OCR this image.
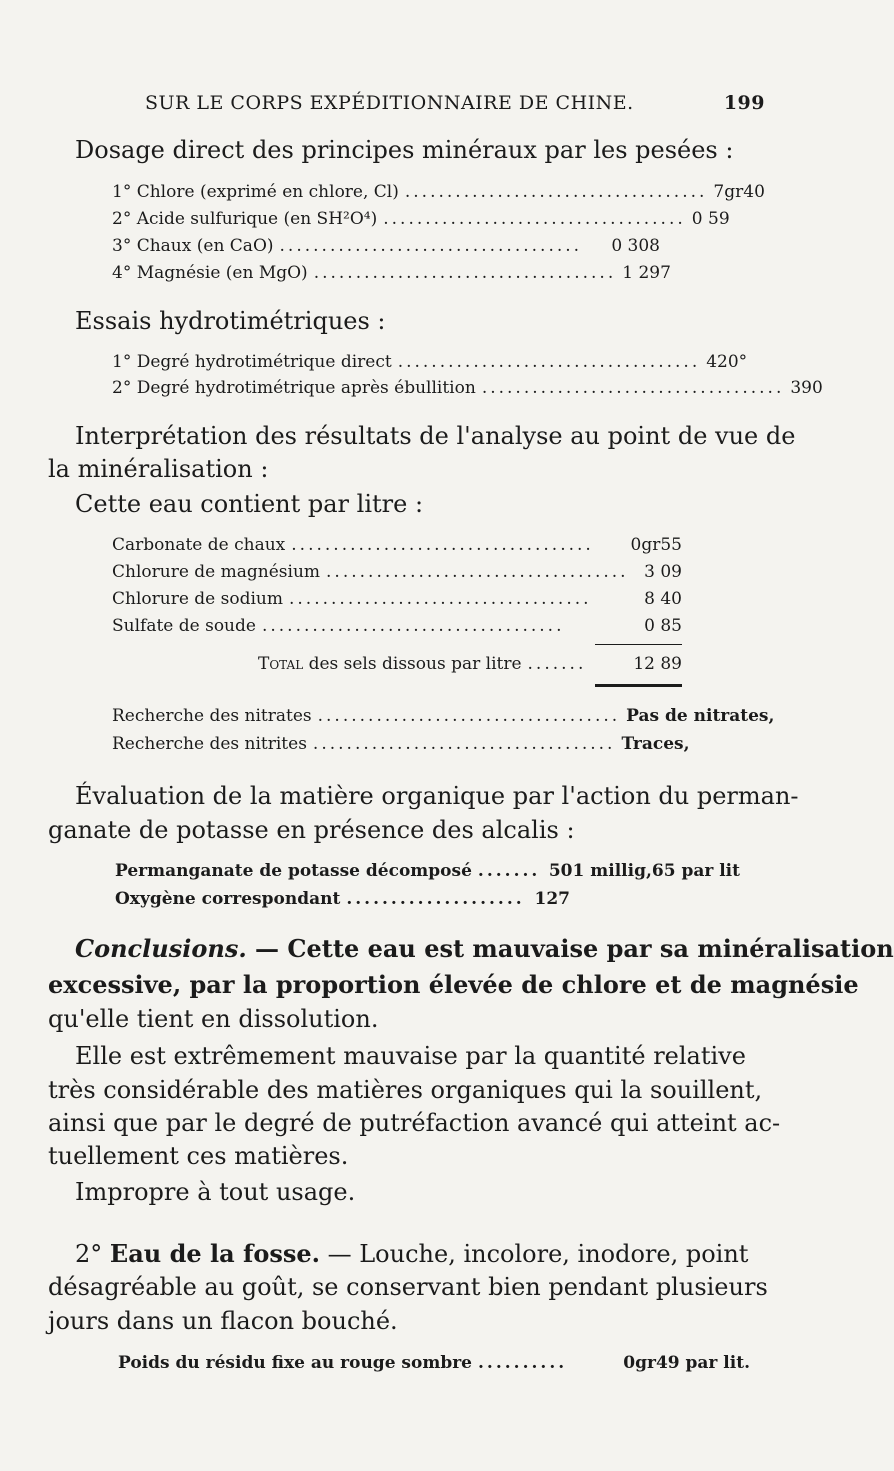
SUR LE CORPS EXPÉDITIONNAIRE DE CHINE.	199
Dosage direct des principes minéraux par les pesées :
1° Chlore (exprimé en chlore, Cl) .................................... 7gr40
2° Acide sulfurique (en SH²O⁴) .................................... 0 59
3° Chaux (en CaO) ....................................	0 308
4° Magnésie (en MgO) .................................... 1 297
Essais hydrotimétriques :
1° Degré hydrotimétrique direct .................................... 420°
2° Degré hydrotimétrique après ébullition .................................... 390
Interprétation des résultats de l'analyse au point de vue de
la minéralisation :
Cette eau contient par litre :
Carbonate de chaux ....................................	0gr55
Chlorure de magnésium .................................... 3 09
Chlorure de sodium ....................................	8 40
Sulfate de soude ....................................	0 85
Total des sels dissous par litre .......	12 89
Recherche des nitrates .................................... Pas de nitrates,
Recherche des nitrites .................................... Traces,
Évaluation de la matière organique par l'action du perman-
ganate de potasse en présence des alcalis :
Permanganate de potasse décomposé ....... 501 millig,65 par lit
Oxygène correspondant .................... 127
Conclusions. — Cette eau est mauvaise par sa minéralisation
excessive, par la proportion élevée de chlore et de magnésie
qu'elle tient en dissolution.
Elle est extrêmement mauvaise par la quantité relative
très considérable des matières organiques qui la souillent,
ainsi que par le degré de putréfaction avancé qui atteint ac-
tuellement ces matières.
Impropre à tout usage.
2° Eau de la fosse. — Louche, incolore, inodore, point
désagréable au goût, se conservant bien pendant plusieurs
jours dans un flacon bouché.
Poids du résidu fixe au rouge sombre ..........	0gr49 par lit.
